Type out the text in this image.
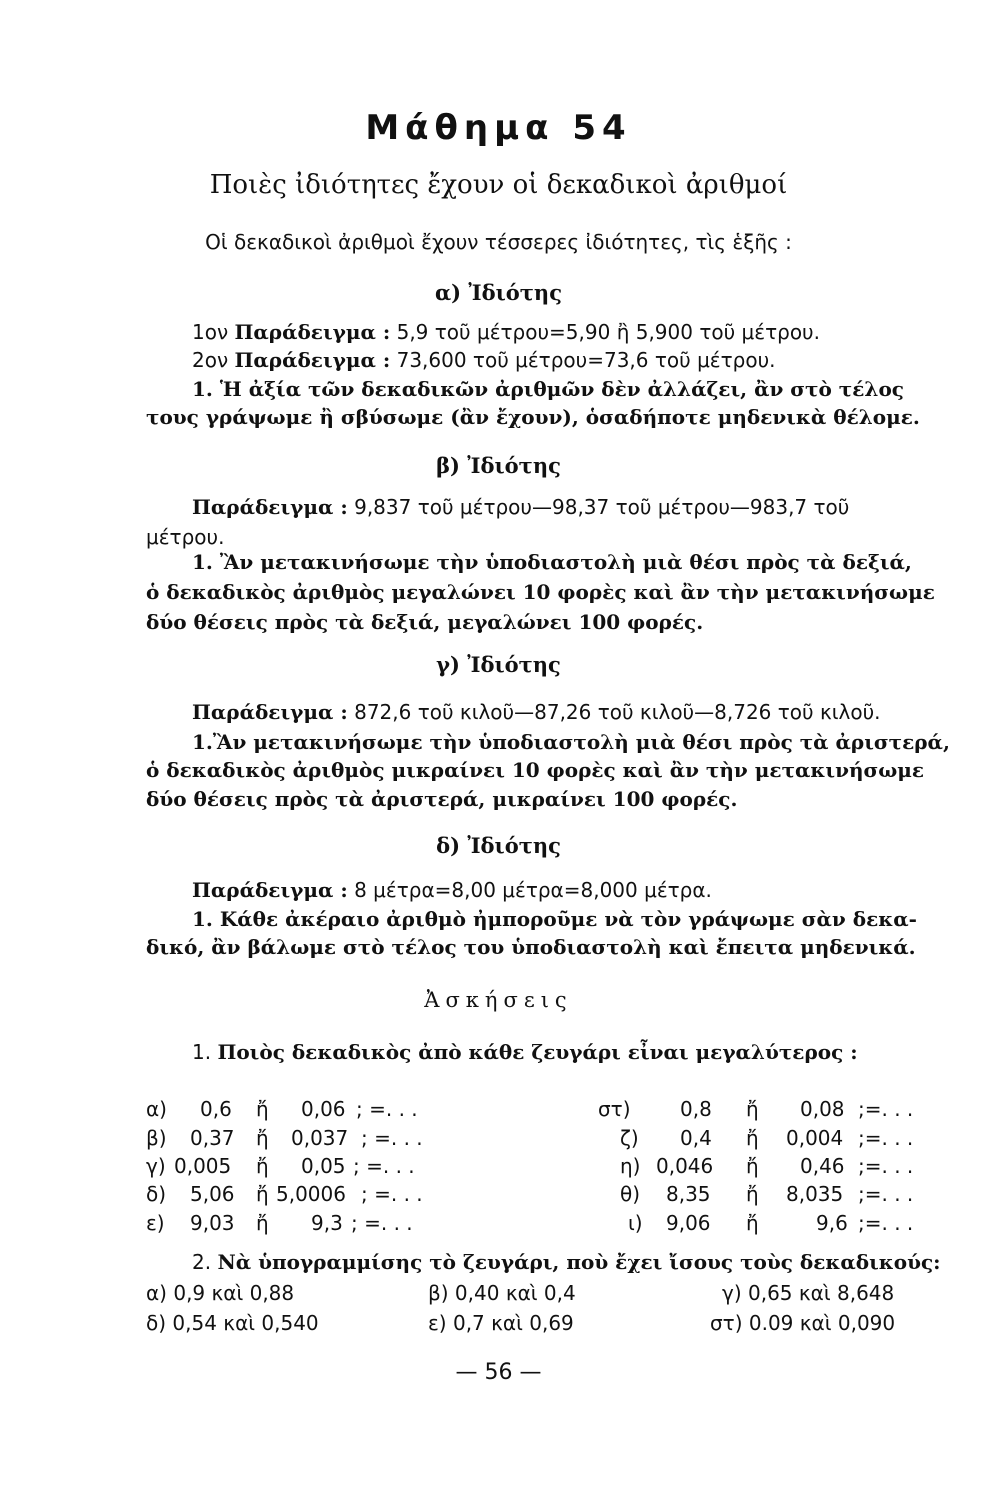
Μάθημα 54
Ποιὲς ἰδιότητες ἔχουν οἱ δεκαδικοὶ ἀριθμοί
Οἱ δεκαδικοὶ ἀριθμοὶ ἔχουν τέσσερες ἰδιότητες, τὶς ἑξῆς :
α) Ἰδιότης
1ον Παράδειγμα : 5,9 τοῦ μέτρου=5,90 ἢ 5,900 τοῦ μέτρου.
2ον Παράδειγμα : 73,600 τοῦ μέτρου=73,6 τοῦ μέτρου.
1. Ἡ ἀξία τῶν δεκαδικῶν ἀριθμῶν δὲν ἀλλάζει, ἂν στὸ τέλος
τους γράψωμε ἢ σβύσωμε (ἂν ἔχουν), ὁσαδήποτε μηδενικὰ θέλομε.
β) Ἰδιότης
Παράδειγμα : 9,837 τοῦ μέτρου—98,37 τοῦ μέτρου—983,7 τοῦ
μέτρου.
1. Ἂν μετακινήσωμε τὴν ὑποδιαστολὴ μιὰ θέσι πρὸς τὰ δεξιά,
ὁ δεκαδικὸς ἀριθμὸς μεγαλώνει 10 φορὲς καὶ ἂν τὴν μετακινήσωμε
δύο θέσεις πρὸς τὰ δεξιά, μεγαλώνει 100 φορές.
γ) Ἰδιότης
Παράδειγμα : 872,6 τοῦ κιλοῦ—87,26 τοῦ κιλοῦ—8,726 τοῦ κιλοῦ.
1.Ἂν μετακινήσωμε τὴν ὑποδιαστολὴ μιὰ θέσι πρὸς τὰ ἀριστερά,
ὁ δεκαδικὸς ἀριθμὸς μικραίνει 10 φορὲς καὶ ἂν τὴν μετακινήσωμε
δύο θέσεις πρὸς τὰ ἀριστερά, μικραίνει 100 φορές.
δ) Ἰδιότης
Παράδειγμα : 8 μέτρα=8,00 μέτρα=8,000 μέτρα.
1. Κάθε ἀκέραιο ἀριθμὸ ἠμποροῦμε νὰ τὸν γράψωμε σὰν δεκα-
δικό, ἂν βάλωμε στὸ τέλος του ὑποδιαστολὴ καὶ ἔπειτα μηδενικά.
Ἀσκήσεις
1. Ποιὸς δεκαδικὸς ἀπὸ κάθε ζευγάρι εἶναι μεγαλύτερος :
α) 0,6 ἤ 0,06 ; =. . .
β) 0,37 ἤ 0,037 ; =. . .
γ) 0,005 ἤ 0,05 ; =. . .
δ) 5,06 ἤ 5,0006 ; =. . .
ε) 9,03 ἤ 9,3 ; =. . .
στ) 0,8 ἤ 0,08 ;=. . .
ζ) 0,4 ἤ 0,004 ;=. . .
η) 0,046 ἤ 0,46 ;=. . .
θ) 8,35 ἤ 8,035 ;=. . .
ι) 9,06 ἤ	9,6 ;=. . .
2. Νὰ ὑπογραμμίσης τὸ ζευγάρι, ποὺ ἔχει ἴσους τοὺς δεκαδικούς:
α) 0,9 καὶ 0,88	β) 0,40 καὶ 0,4	γ) 0,65 καὶ 8,648
δ) 0,54 καὶ 0,540	ε) 0,7 καὶ 0,69	στ) 0.09 καὶ 0,090
— 56 —
